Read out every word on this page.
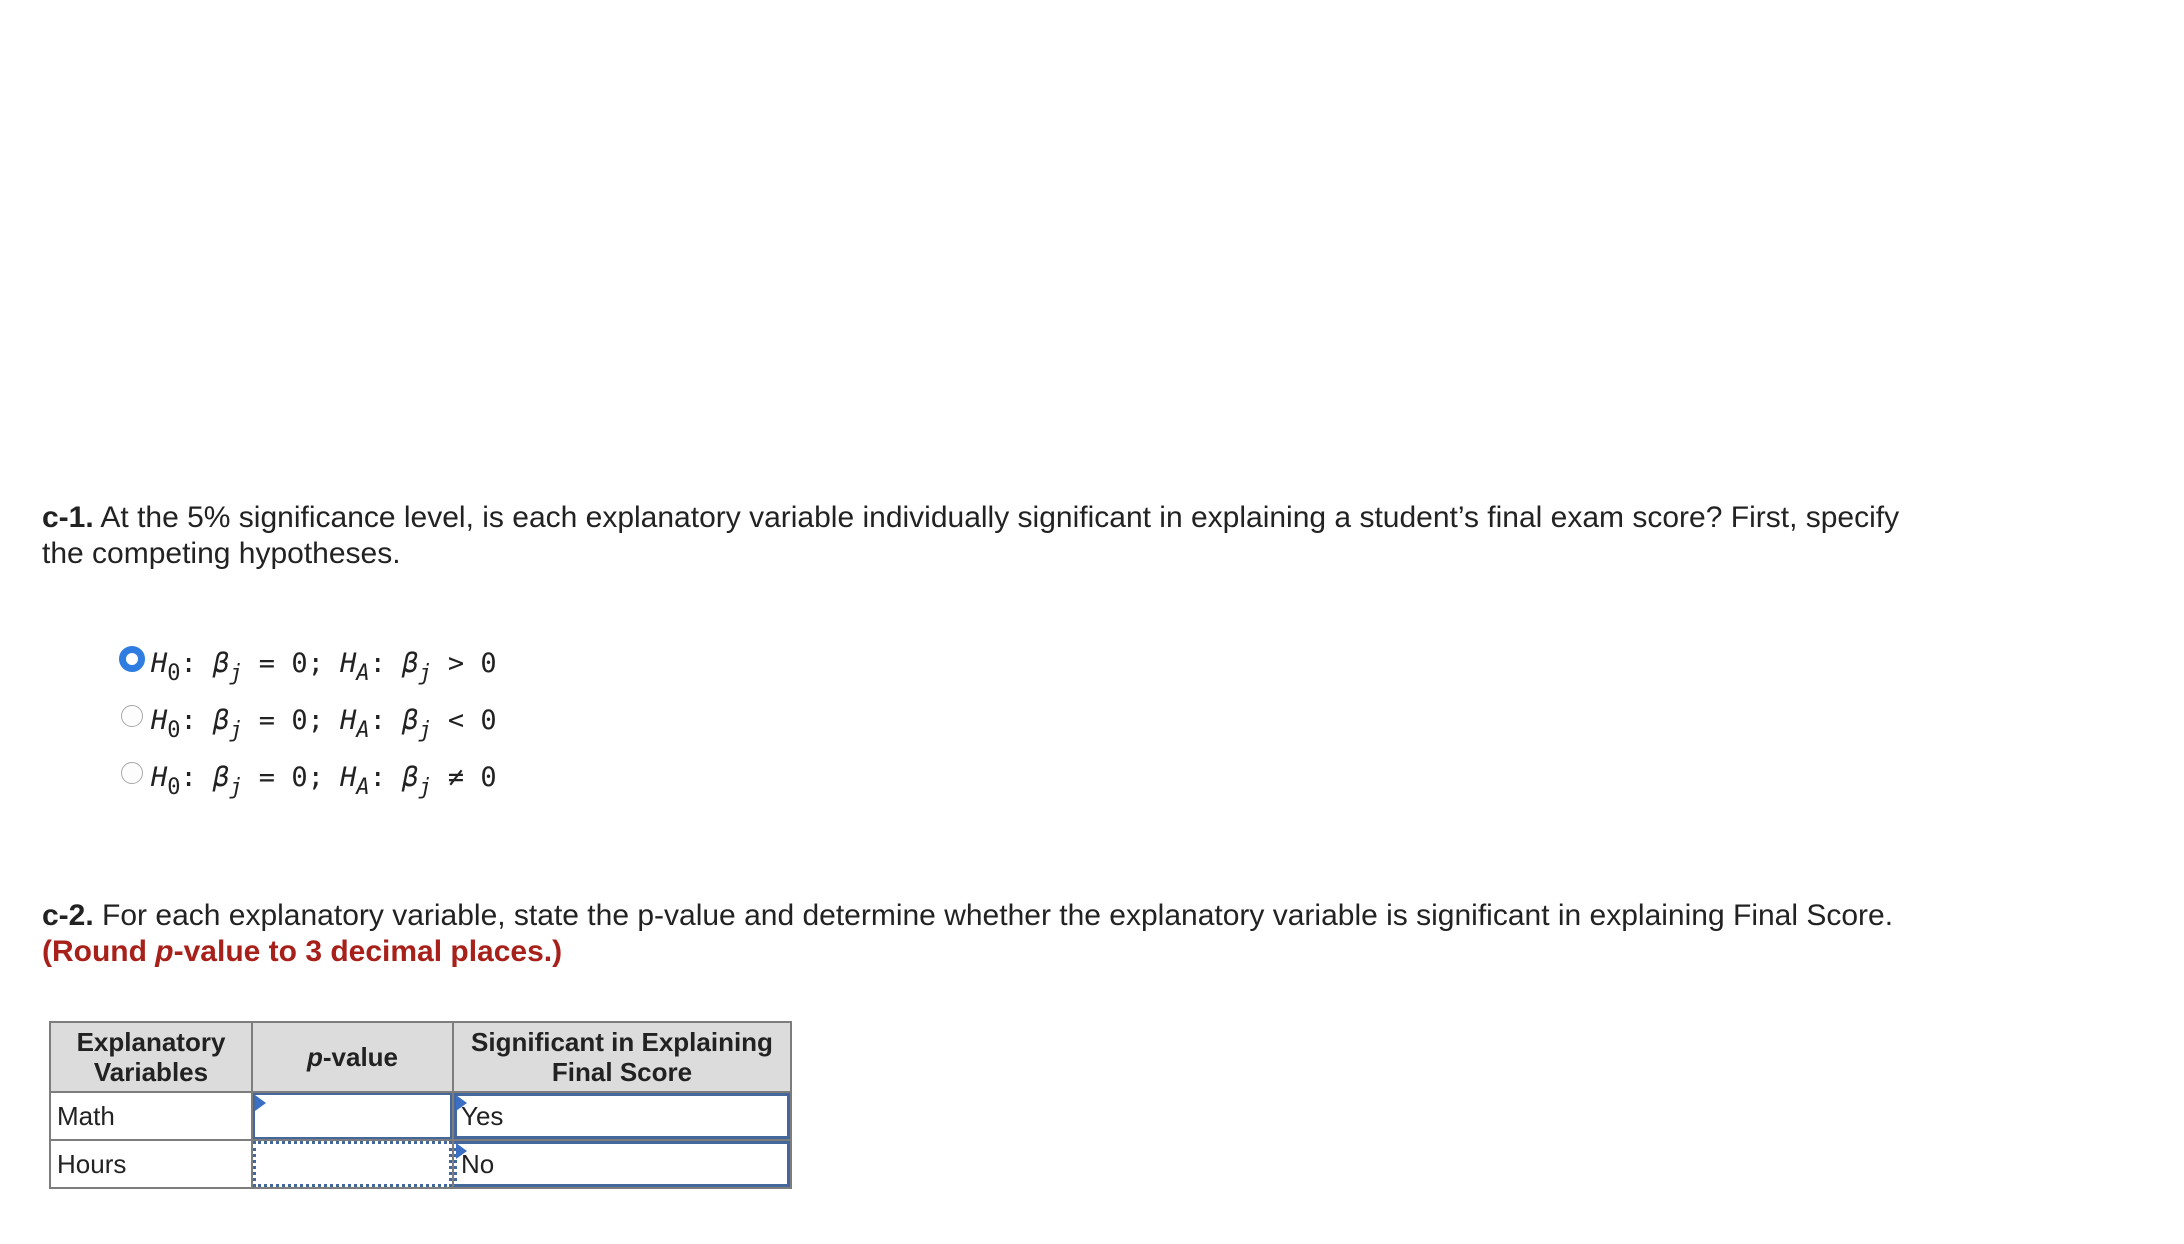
c-1. At the 5% significance level, is each explanatory variable individually significant in explaining a student’s final exam score? First, specify the competing hypotheses.
$H_0$: $\beta_j = 0$; $H_A$: $\beta_j > 0$
$H_0$: $\beta_j = 0$; $H_A$: $\beta_j < 0$
$H_0$: $\beta_j = 0$; $H_A$: $\beta_j \ne 0$
c-2. For each explanatory variable, state the p-value and determine whether the explanatory variable is significant in explaining Final Score. (Round p-value to 3 decimal places.)
Explanatory Variables	p-value	Significant in Explaining Final Score
Math		Yes

Hours		No
